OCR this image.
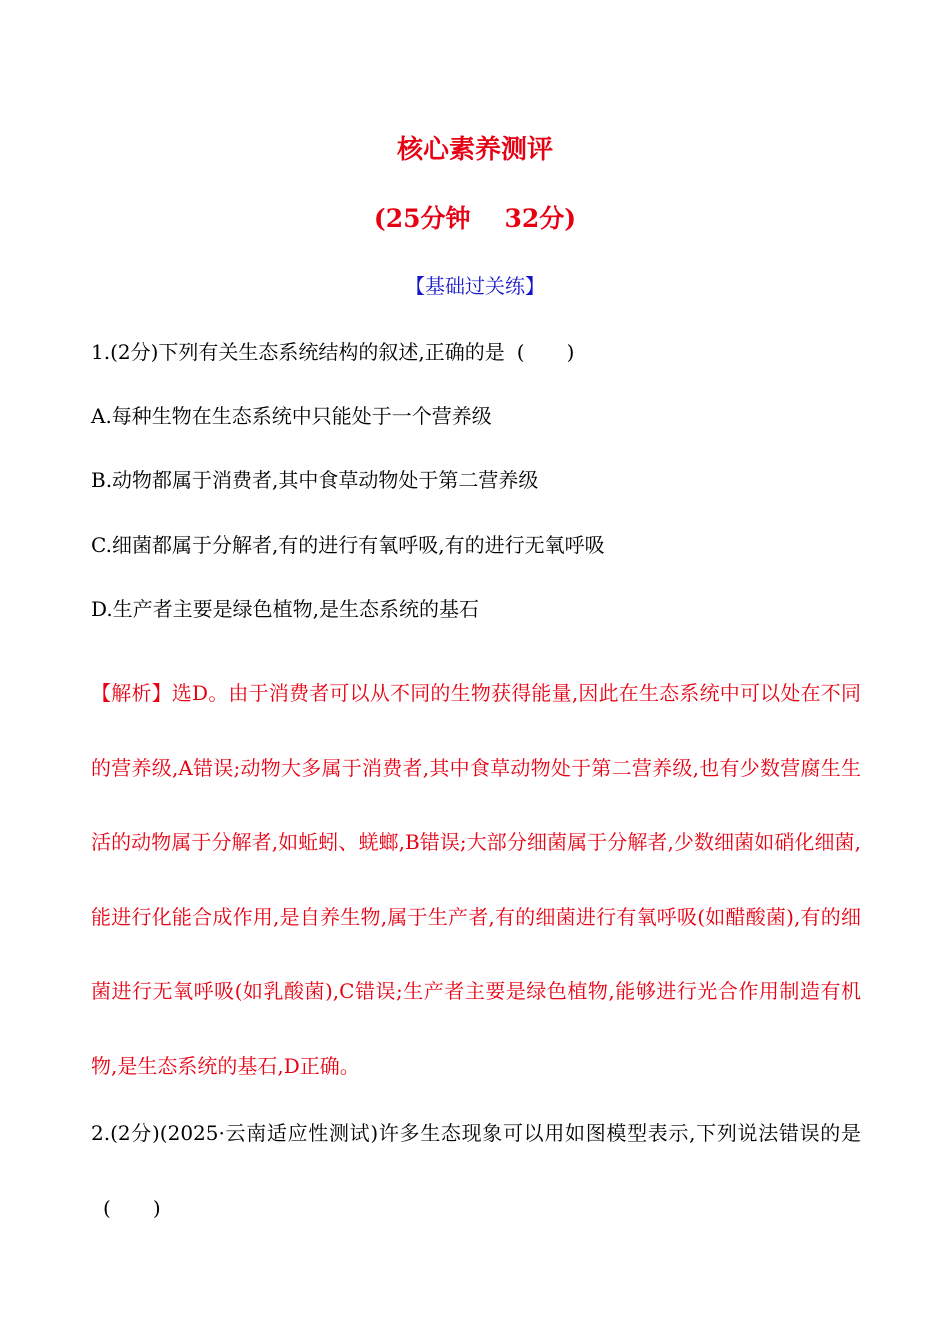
核心素养测评
(25分钟 32分)
【基础过关练】
1.(2分)下列有关生态系统结构的叙述,正确的是 ( )
A.每种生物在生态系统中只能处于一个营养级
B.动物都属于消费者,其中食草动物处于第二营养级
C.细菌都属于分解者,有的进行有氧呼吸,有的进行无氧呼吸
D.生产者主要是绿色植物,是生态系统的基石
【解析】选D。由于消费者可以从不同的生物获得能量,因此在生态系统中可以处在不同的营养级,A错误;动物大多属于消费者,其中食草动物处于第二营养级,也有少数营腐生生活的动物属于分解者,如蚯蚓、蜣螂,B错误;大部分细菌属于分解者,少数细菌如硝化细菌,能进行化能合成作用,是自养生物,属于生产者,有的细菌进行有氧呼吸(如醋酸菌),有的细菌进行无氧呼吸(如乳酸菌),C错误;生产者主要是绿色植物,能够进行光合作用制造有机物,是生态系统的基石,D正确。
2.(2分)(2025·云南适应性测试)许多生态现象可以用如图模型表示,下列说法错误的是( )
